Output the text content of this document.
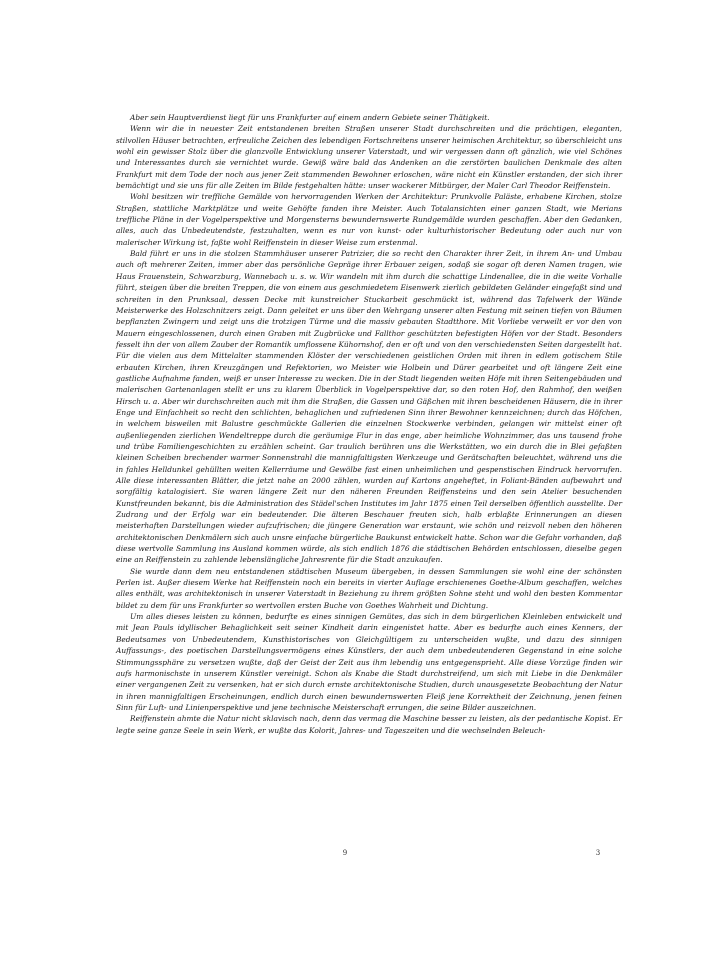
Aber sein Hauptverdienst liegt für uns Frankfurter auf einem andern Gebiete seiner Thätigkeit.

Wenn wir die in neuester Zeit entstandenen breiten Straßen unserer Stadt durchschreiten und die prächtigen, eleganten, stilvollen Häuser betrachten, erfreuliche Zeichen des lebendigen Fortschreitens unserer heimischen Architektur, so überschleicht uns wohl ein gewisser Stolz über die glanzvolle Entwicklung unserer Vaterstadt, und wir vergessen dann oft gänzlich, wie viel Schönes und Interessantes durch sie vernichtet wurde. Gewiß wäre bald das Andenken an die zerstörten baulichen Denkmale des alten Frankfurt mit dem Tode der noch aus jener Zeit stammenden Bewohner erloschen, wäre nicht ein Künstler erstanden, der sich ihrer bemächtigt und sie uns für alle Zeiten im Bilde festgehalten hätte: unser wackerer Mitbürger, der Maler Carl Theodor Reiffenstein.

Wohl besitzen wir treffliche Gemälde von hervorragenden Werken der Architektur: Prunkvolle Paläste, erhabene Kirchen, stolze Straßen, stattliche Marktplätze und weite Gehöfte fanden ihre Meister. Auch Totalansichten einer ganzen Stadt, wie Merians treffliche Pläne in der Vogelperspektive und Morgensterns bewundernswerte Rundgemälde wurden geschaffen. Aber den Gedanken, alles, auch das Unbedeutendste, festzuhalten, wenn es nur von kunst- oder kulturhistorischer Bedeutung oder auch nur von malerischer Wirkung ist, faßte wohl Reiffenstein in dieser Weise zum erstenmal.

Bald führt er uns in die stolzen Stammhäuser unserer Patrizier, die so recht den Charakter ihrer Zeit, in ihrem An- und Umbau auch oft mehrerer Zeiten, immer aber das persönliche Gepräge ihrer Erbauer zeigen, sodaß sie sogar oft deren Namen tragen, wie Haus Frauenstein, Schwarzburg, Wannebach u. s. w. Wir wandeln mit ihm durch die schattige Lindenallee, die in die weite Vorhalle führt, steigen über die breiten Treppen, die von einem aus geschmiedetem Eisenwerk zierlich gebildeten Geländer eingefaßt sind und schreiten in den Prunksaal, dessen Decke mit kunstreicher Stuckarbeit geschmückt ist, während das Tafelwerk der Wände Meisterwerke des Holzschnitzers zeigt. Dann geleitet er uns über den Wehrgang unserer alten Festung mit seinen tiefen von Bäumen bepflanzten Zwingern und zeigt uns die trotzigen Türme und die massiv gebauten Stadtthore. Mit Vorliebe verweilt er vor den von Mauern eingeschlossenen, durch einen Graben mit Zugbrücke und Fallthor geschützten befestigten Höfen vor der Stadt. Besonders fesselt ihn der von allem Zauber der Romantik umflossene Kühornshof, den er oft und von den verschiedensten Seiten dargestellt hat. Für die vielen aus dem Mittelalter stammenden Klöster der verschiedenen geistlichen Orden mit ihren in edlem gotischem Stile erbauten Kirchen, ihren Kreuzgängen und Refektorien, wo Meister wie Holbein und Dürer gearbeitet und oft längere Zeit eine gastliche Aufnahme fanden, weiß er unser Interesse zu wecken. Die in der Stadt liegenden weiten Höfe mit ihren Seitengebäuden und malerischen Gartenanlagen stellt er uns zu klarem Überblick in Vogelperspektive dar, so den roten Hof, den Rahmhof, den weißen Hirsch u. a. Aber wir durchschreiten auch mit ihm die Straßen, die Gassen und Gäßchen mit ihren bescheidenen Häusern, die in ihrer Enge und Einfachheit so recht den schlichten, behaglichen und zufriedenen Sinn ihrer Bewohner kennzeichnen; durch das Höfchen, in welchem bisweilen mit Balustre geschmückte Gallerien die einzelnen Stockwerke verbinden, gelangen wir mittelst einer oft außenliegenden zierlichen Wendeltreppe durch die geräumige Flur in das enge, aber heimliche Wohnzimmer, das uns tausend frohe und trübe Familiengeschichten zu erzählen scheint. Gar traulich berühren uns die Werkstätten, wo ein durch die in Blei gefaßten kleinen Scheiben brechender warmer Sonnenstrahl die mannigfaltigsten Werkzeuge und Gerätschaften beleuchtet, während uns die in fahles Helldunkel gehüllten weiten Kellerräume und Gewölbe fast einen unheimlichen und gespenstischen Eindruck hervorrufen. Alle diese interessanten Blätter, die jetzt nahe an 2000 zählen, wurden auf Kartons angeheftet, in Foliant-Bänden aufbewahrt und sorgfältig katalogisiert. Sie waren längere Zeit nur den näheren Freunden Reiffensteins und den sein Atelier besuchenden Kunstfreunden bekannt, bis die Administration des Städel'schen Institutes im Jahr 1875 einen Teil derselben öffentlich ausstellte. Der Zudrang und der Erfolg war ein bedeutender. Die älteren Beschauer freuten sich, halb erblaßte Erinnerungen an diesen meisterhaften Darstellungen wieder aufzufrischen; die jüngere Generation war erstaunt, wie schön und reizvoll neben den höheren architektonischen Denkmälern sich auch unsre einfache bürgerliche Baukunst entwickelt hatte. Schon war die Gefahr vorhanden, daß diese wertvolle Sammlung ins Ausland kommen würde, als sich endlich 1876 die städtischen Behörden entschlossen, dieselbe gegen eine an Reiffenstein zu zahlende lebenslängliche Jahresrente für die Stadt anzukaufen.

Sie wurde dann dem neu entstandenen städtischen Museum übergeben, in dessen Sammlungen sie wohl eine der schönsten Perlen ist. Außer diesem Werke hat Reiffenstein noch ein bereits in vierter Auflage erschienenes Goethe-Album geschaffen, welches alles enthält, was architektonisch in unserer Vaterstadt in Beziehung zu ihrem größten Sohne steht und wohl den besten Kommentar bildet zu dem für uns Frankfurter so wertvollen ersten Buche von Goethes Wahrheit und Dichtung.

Um alles dieses leisten zu können, bedurfte es eines sinnigen Gemütes, das sich in dem bürgerlichen Kleinleben entwickelt und mit Jean Pauls idyllischer Behaglichkeit seit seiner Kindheit darin eingenistet hatte. Aber es bedurfte auch eines Kenners, der Bedeutsames von Unbedeutendem, Kunsthistorisches von Gleichgültigem zu unterscheiden wußte, und dazu des sinnigen Auffassungs-, des poetischen Darstellungsvermögens eines Künstlers, der auch dem unbedeutenderen Gegenstand in eine solche Stimmungssphäre zu versetzen wußte, daß der Geist der Zeit aus ihm lebendig uns entgegensprieht. Alle diese Vorzüge finden wir aufs harmonischste in unserem Künstler vereinigt. Schon als Knabe die Stadt durchstreifend, um sich mit Liebe in die Denkmäler einer vergangenen Zeit zu versenken, hat er sich durch ernste architektonische Studien, durch unausgesetzte Beobachtung der Natur in ihren mannigfaltigen Erscheinungen, endlich durch einen bewundernswerten Fleiß jene Korrektheit der Zeichnung, jenen feinen Sinn für Luft- und Linienperspektive und jene technische Meisterschaft errungen, die seine Bilder auszeichnen.

Reiffenstein ahmte die Natur nicht sklavisch nach, denn das vermag die Maschine besser zu leisten, als der pedantische Kopist. Er legte seine ganze Seele in sein Werk, er wußte das Kolorit, Jahres- und Tageszeiten und die wechselnden Beleuch-

9	3
